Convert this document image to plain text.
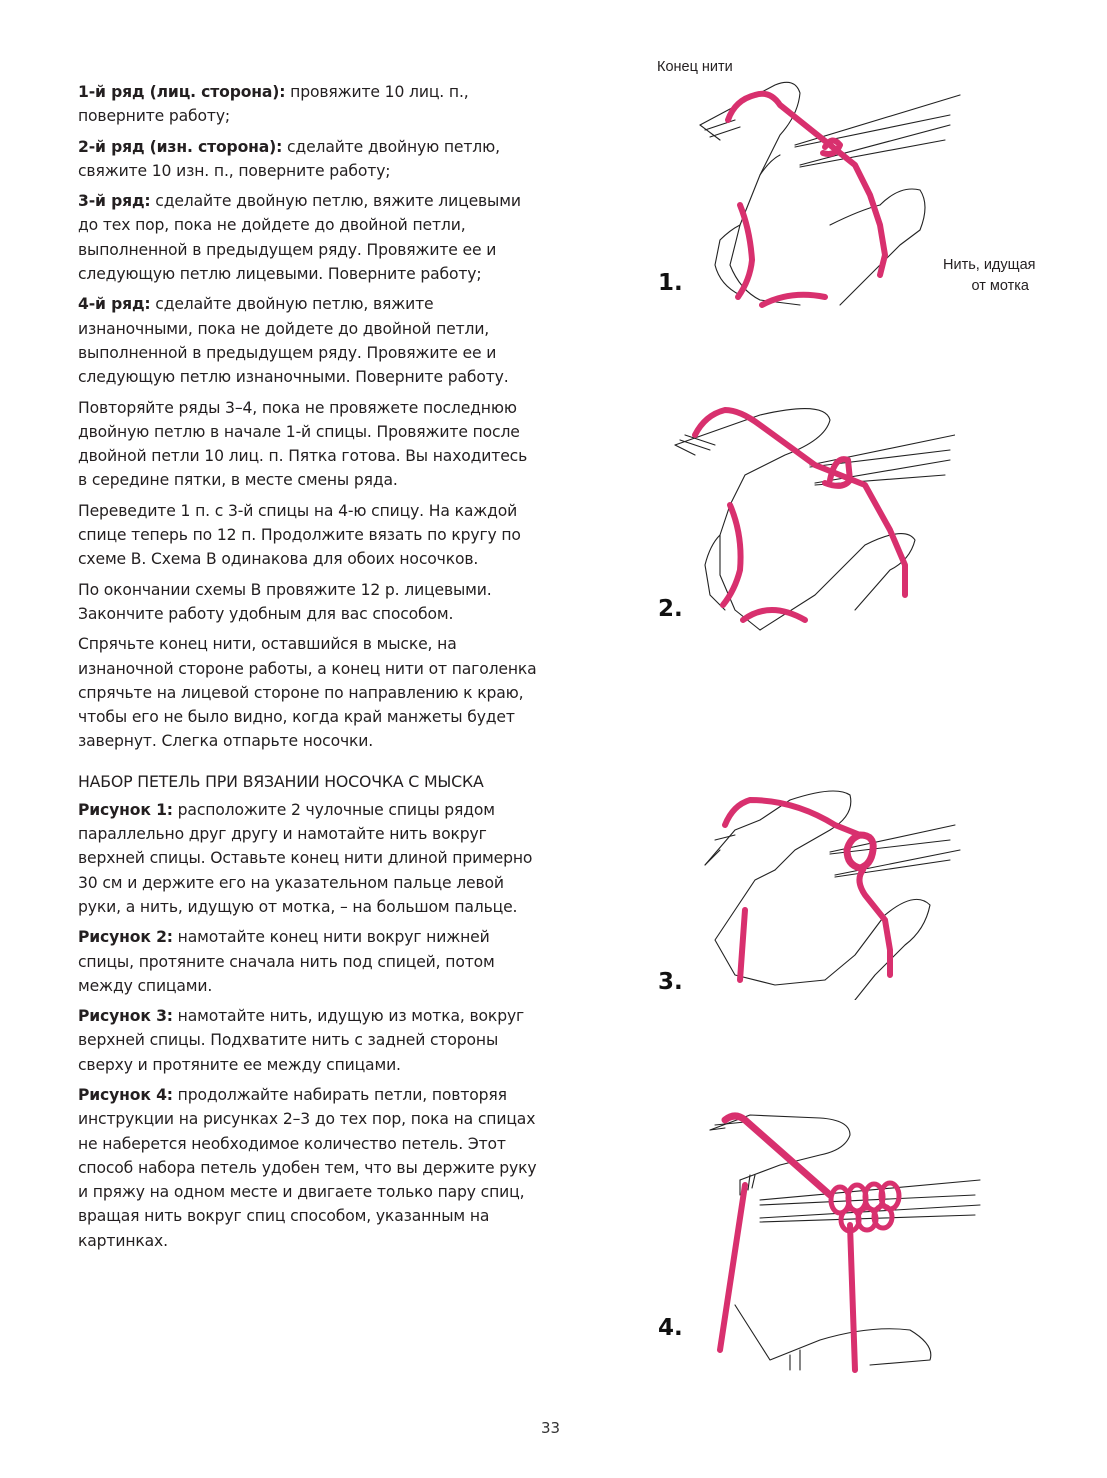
1-й ряд (лиц. сторона): провяжите 10 лиц. п., поверните работу;

2-й ряд (изн. сторона): сделайте двойную петлю, свяжите 10 изн. п., поверните работу;

3-й ряд: сделайте двойную петлю, вяжите лицевыми до тех пор, пока не дойдете до двойной петли, выполненной в предыдущем ряду. Провяжите ее и следующую петлю лицевыми. Поверните работу;

4-й ряд: сделайте двойную петлю, вяжите изнаночными, пока не дойдете до двойной петли, выполненной в предыдущем ряду. Провяжите ее и следующую петлю изнаночными. Поверните работу.

Повторяйте ряды 3–4, пока не провяжете последнюю двойную петлю в начале 1-й спицы. Провяжите после двойной петли 10 лиц. п. Пятка готова. Вы находитесь в середине пятки, в месте смены ряда.

Переведите 1 п. с 3-й спицы на 4-ю спицу. На каждой спице теперь по 12 п. Продолжите вязать по кругу по схеме В. Схема В одинакова для обоих носочков.

По окончании схемы В провяжите 12 р. лицевыми. Закончите работу удобным для вас способом.

Спрячьте конец нити, оставшийся в мыске, на изнаночной стороне работы, а конец нити от паголенка спрячьте на лицевой стороне по направлению к краю, чтобы его не было видно, когда край манжеты будет завернут. Слегка отпарьте носочки.

НАБОР ПЕТЕЛЬ ПРИ ВЯЗАНИИ НОСОЧКА С МЫСКА

Рисунок 1: расположите 2 чулочные спицы рядом параллельно друг другу и намотайте нить вокруг верхней спицы. Оставьте конец нити длиной примерно 30 см и держите его на указательном пальце левой руки, а нить, идущую от мотка, – на большом пальце.

Рисунок 2: намотайте конец нити вокруг нижней спицы, протяните сначала нить под спицей, потом между спицами.

Рисунок 3: намотайте нить, идущую из мотка, вокруг верхней спицы. Подхватите нить с задней стороны сверху и протяните ее между спицами.

Рисунок 4: продолжайте набирать петли, повторяя инструкции на рисунках 2–3 до тех пор, пока на спицах не наберется необходимое количество петель. Этот способ набора петель удобен тем, что вы держите руку и пряжу на одном месте и двигаете только пару спиц, вращая нить вокруг спиц способом, указанным на картинках.

Конец нити
Нить, идущая
от мотка
1.
2.
3.
4.
33
